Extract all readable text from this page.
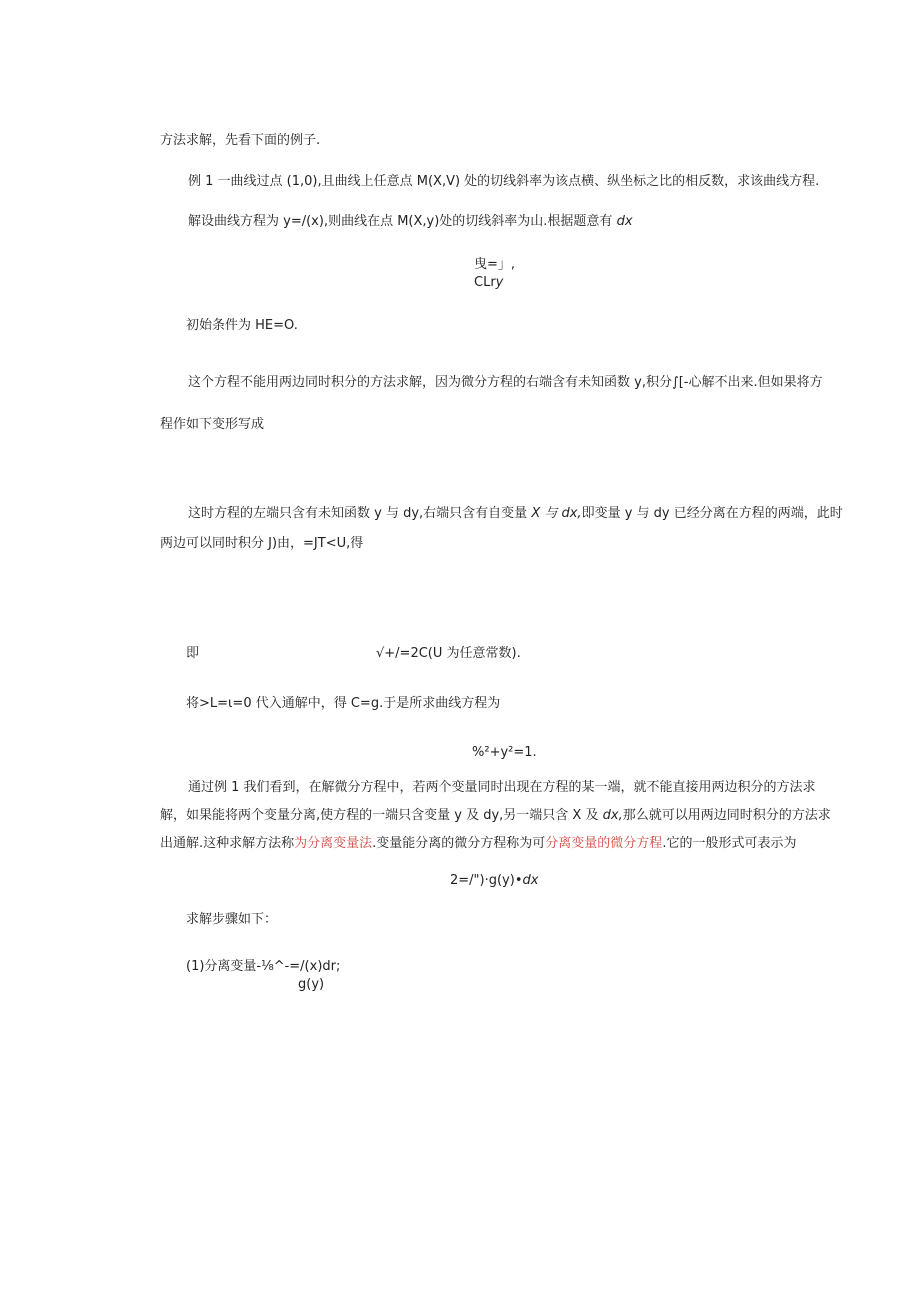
方法求解，先看下面的例子.
例 1 一曲线过点 (1,0),且曲线上任意点 M(X,V) 处的切线斜率为该点横、纵坐标之比的相反数，求该曲线方程.
解设曲线方程为 y=/(x),则曲线在点 M(X,y)处的切线斜率为山.根据题意有 dx
曳=」,
CLry
初始条件为 HE=O.
这个方程不能用两边同时积分的方法求解，因为微分方程的右端含有未知函数 y,积分∫[-心解不出来.但如果将方
程作如下变形写成
这时方程的左端只含有未知函数 y 与 dy,右端只含有自变量 X 与 dx,即变量 y 与 dy 已经分离在方程的两端，此时
两边可以同时积分 J)由，=JT<U,得
即	√+/=2C(U 为任意常数).
将>L=ι=0 代入通解中，得 C=g.于是所求曲线方程为
%²+y²=1.
通过例 1 我们看到，在解微分方程中，若两个变量同时出现在方程的某一端，就不能直接用两边积分的方法求
解，如果能将两个变量分离,使方程的一端只含变量 y 及 dy,另一端只含 X 及 dx,那么就可以用两边同时积分的方法求
出通解.这种求解方法称为分离变量法.变量能分离的微分方程称为可分离变量的微分方程.它的一般形式可表示为
2=/")·g(y)•dx
求解步骤如下：
(1)分离变量-⅛^-=/(x)dr;
g(y)
